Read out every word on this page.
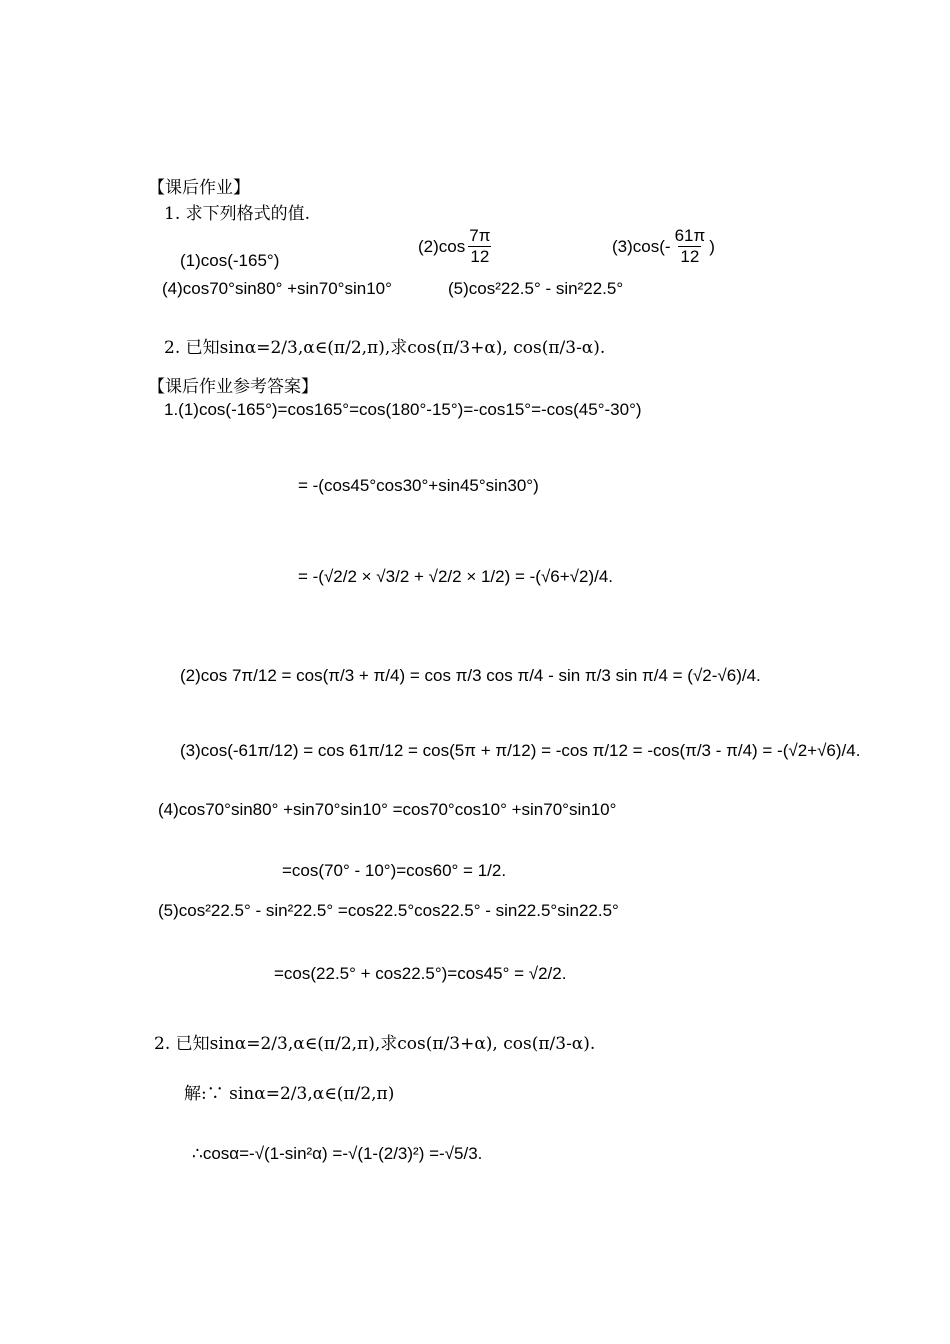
【课后作业】
1. 求下列格式的值.
(1)cos(-165°)
$(2)\cos \frac{7\pi}{12}$	$(3)\cos(- \frac{61\pi}{12}$ )
(4)cos70°sin80° +sin70°sin10°	(5)cos²22.5° - sin²22.5°
2. 已知sinα=2/3,α∈(π/2,π),求cos(π/3+α), cos(π/3-α).
【课后作业参考答案】
1.(1)cos(-165°)=cos165°=cos(180°-15°)=-cos15°=-cos(45°-30°)
= -(cos45°cos30°+sin45°sin30°)
= -(√2/2 × √3/2 + √2/2 × 1/2) = -(√6+√2)/4.
(2)cos 7π/12 = cos(π/3 + π/4) = cos π/3 cos π/4 - sin π/3 sin π/4 = (√2-√6)/4.
(3)cos(-61π/12) = cos 61π/12 = cos(5π + π/12) = -cos π/12 = -cos(π/3 - π/4) = -(√2+√6)/4.
(4)cos70°sin80° +sin70°sin10° =cos70°cos10° +sin70°sin10°
=cos(70° - 10°)=cos60° = 1/2.
(5)cos²22.5° - sin²22.5° =cos22.5°cos22.5° - sin22.5°sin22.5°
=cos(22.5° + cos22.5°)=cos45° = √2/2.
2. 已知sinα=2/3,α∈(π/2,π),求cos(π/3+α), cos(π/3-α).
解:∵ sinα=2/3,α∈(π/2,π)
∴cosα=-√(1-sin²α) =-√(1-(2/3)²) =-√5/3.
